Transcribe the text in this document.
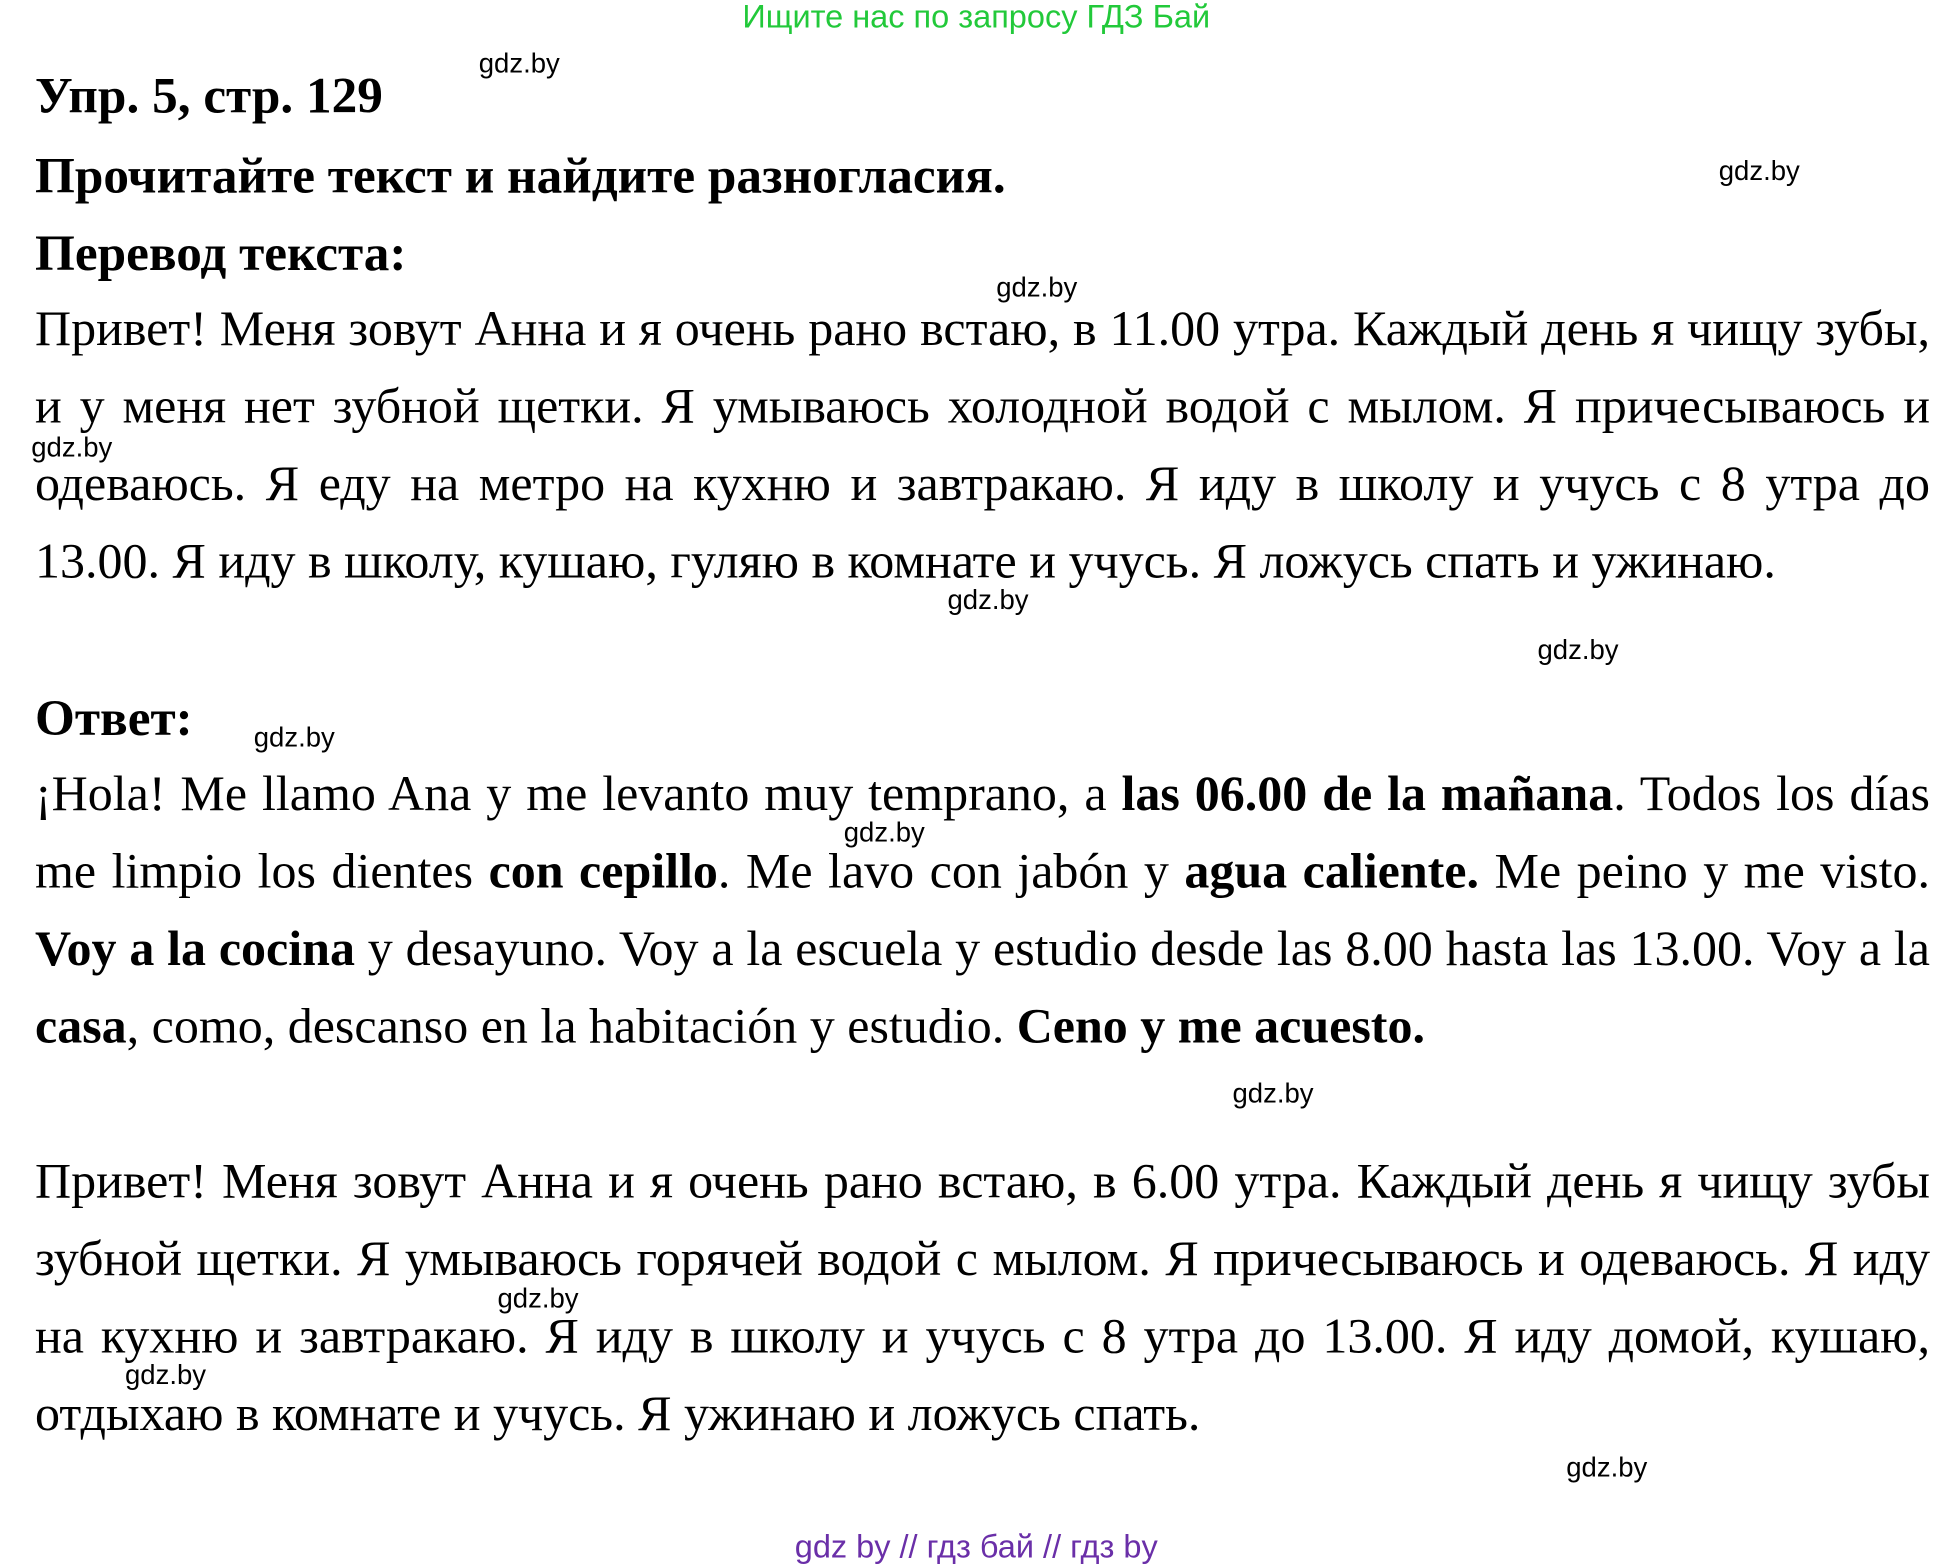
Ищите нас по запросу ГДЗ Бай
Упр. 5, стр. 129
Прочитайте текст и найдите разногласия.
Перевод текста:
Привет! Меня зовут Анна и я очень рано встаю, в 11.00 утра. Каждый день я чищу зубы, и у меня нет зубной щетки. Я умываюсь холодной водой с мылом. Я причесываюсь и одеваюсь. Я еду на метро на кухню и завтракаю. Я иду в школу и учусь с 8 утра до 13.00. Я иду в школу, кушаю, гуляю в комнате и учусь. Я ложусь спать и ужинаю.
Ответ:
¡Hola! Me llamo Ana y me levanto muy temprano, a las 06.00 de la mañana. Todos los días me limpio los dientes con cepillo. Me lavo con jabón y agua caliente. Me peino y me visto. Voy a la cocina y desayuno. Voy a la escuela y estudio desde las 8.00 hasta las 13.00. Voy a la casa, como, descanso en la habitación y estudio. Ceno y me acuesto.
Привет! Меня зовут Анна и я очень рано встаю, в 6.00 утра. Каждый день я чищу зубы зубной щетки. Я умываюсь горячей водой с мылом. Я причесываюсь и одеваюсь. Я иду на кухню и завтракаю. Я иду в школу и учусь с 8 утра до 13.00. Я иду домой, кушаю, отдыхаю в комнате и учусь. Я ужинаю и ложусь спать.
gdz.by
gdz.by
gdz.by
gdz.by
gdz.by
gdz.by
gdz.by
gdz.by
gdz.by
gdz.by
gdz.by
gdz.by
gdz by // гдз бай // гдз by
